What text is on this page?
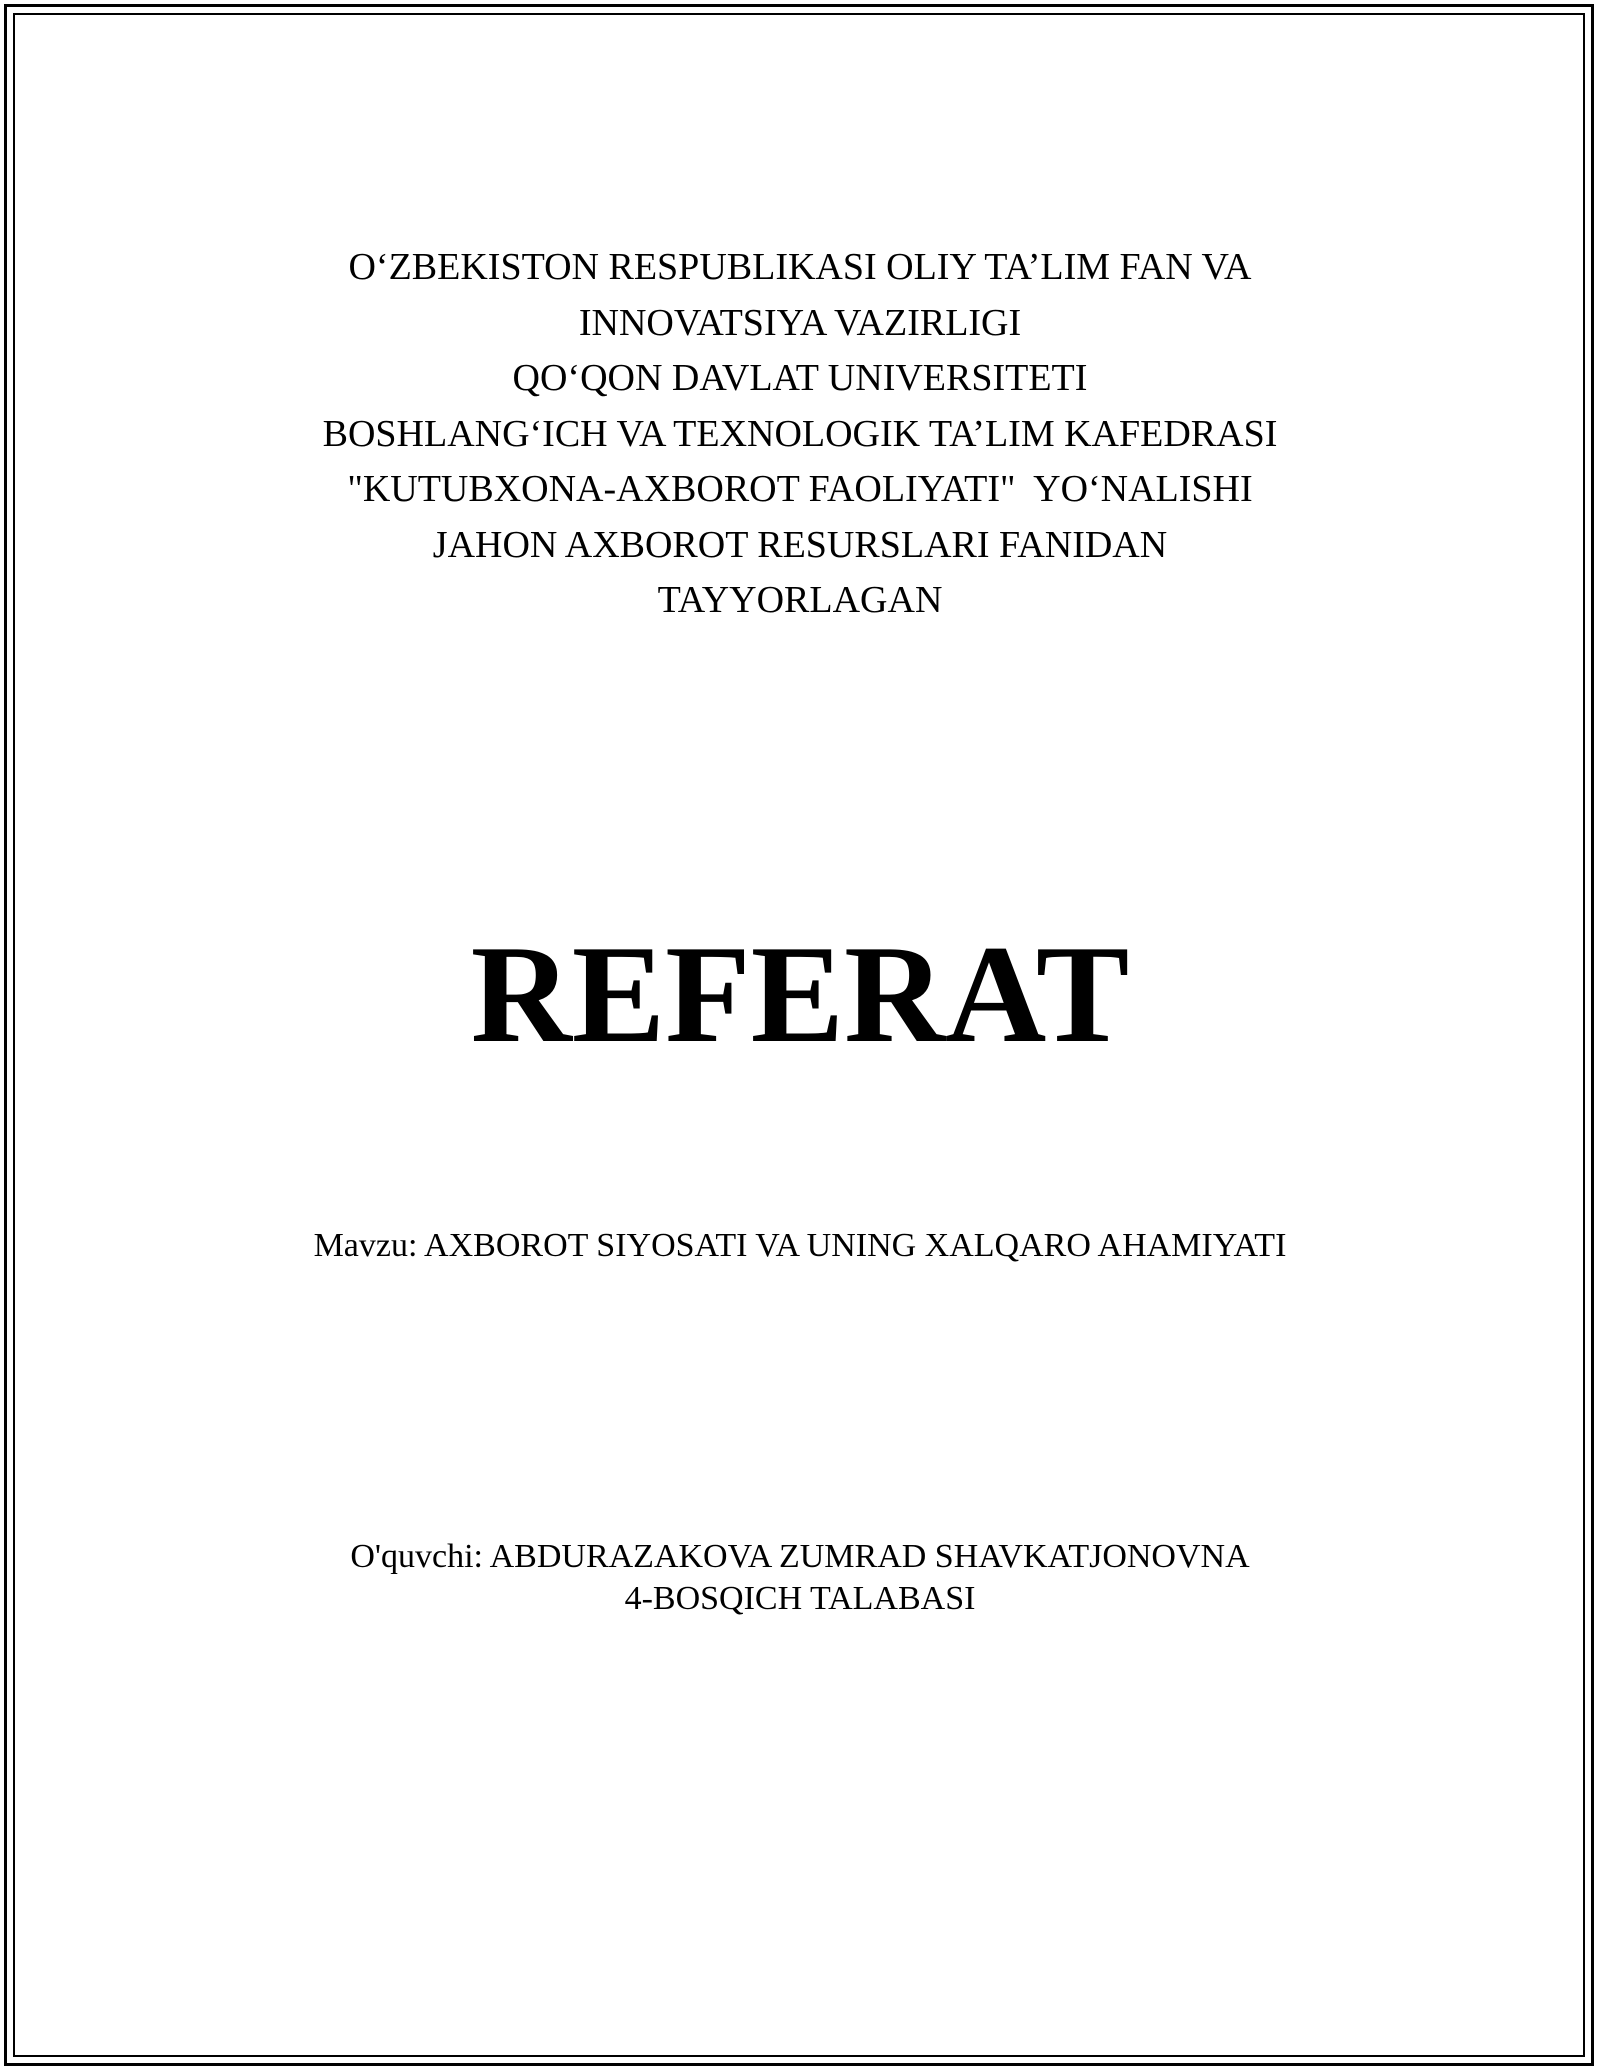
O‘ZBEKISTON RESPUBLIKASI OLIY TA’LIM FAN VA
INNOVATSIYA VAZIRLIGI
QO‘QON DAVLAT UNIVERSITETI
BOSHLANG‘ICH VA TEXNOLOGIK TA’LIM KAFEDRASI
"KUTUBXONA-AXBOROT FAOLIYATI"  YO‘NALISHI
JAHON AXBOROT RESURSLARI FANIDAN
TAYYORLAGAN
REFERAT
Mavzu: AXBOROT SIYOSATI VA UNING XALQARO AHAMIYATI
O'quvchi: ABDURAZAKOVA ZUMRAD SHAVKATJONOVNA
4-BOSQICH TALABASI
